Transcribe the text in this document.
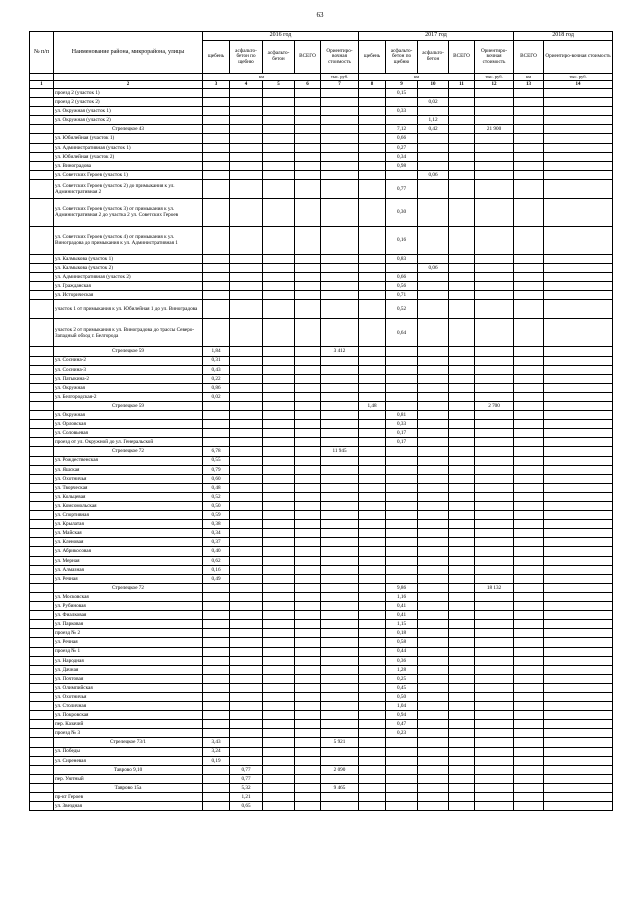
63
№ п/п	Наименование района, микрорайона, улицы	2016 год					2017 год					2018 год	
		щебень	асфальто-бетон по щебню	асфальто-бетон	ВСЕГО	Ориентиро-вочная стоимость	щебень	асфальто-бетон по щебню	асфальто-бетон	ВСЕГО	Ориентиро-вочная стоимость	ВСЕГО	Ориентиро-вочная стоимость
		км				тыс. руб.	км				тыс. руб.	км	тыс. руб.
1	2	3	4	5	6	7	8	9	10	11	12	13	14
	проезд 2 (участок 1)							0,15					
	проезд 2 (участок 2)								0,02				
	ул. Окружная (участок 1)							0,33					
	ул. Окружная (участок 2)								1,12				
	Стрелецкое 43							7,12	0,42		21 900		
	ул. Юбилейная (участок 1)							0,66					
	ул. Административная (участок 1)							0,27					
	ул. Юбилейная (участок 2)							0,34					
	ул. Виноградова							0,98					
	ул. Советских Героев (участок 1)								0,06				
	ул. Советских Героев (участок 2) до примыкания к ул. Административная 2							0,77					
	ул. Советских Героев (участок 3) от примыкания к ул. Административная 2 до участка 2 ул. Советских Героев							0,30					
	ул. Советских Героев (участок 4) от примыкания к ул. Виноградова до примыкания к ул. Административная 1							0,16					
	ул. Калмыкова (участок 1)							0,83					
	ул. Калмыкова (участок 2)								0,06				
	ул. Административная (участок 2)							0,66					
	ул. Гражданская							0,56					
	ул. Историческая							0,71					
	участок 1 от примыкания к ул. Юбилейная 1 до ул. Виноградова							0,52					
	участок 2 от примыкания к ул. Виноградова до трассы Северо-Западный обход г. Белгорода							0,64					
	Стрелецкое 59	1,84				3 412							
	ул. Соснина-2	0,31											
	ул. Соснина-3	0,43											
	ул. Патыкина-2	0,22											
	ул. Окружная	0,86											
	ул. Белгородская-2	0,02											
	Стрелецкое 59						1,48				2 700		
	ул. Окружная							0,81					
	ул. Орловская							0,33					
	ул. Соловьевая							0,17					
	проезд от ул. Окружной до ул. Генеральской							0,17					
	Стрелецкое 72	6,78				11 945							
	ул. Рождественская	0,55											
	ул. Яшская	0,79											
	ул. Охотничья	0,60											
	ул. Творческая	0,48											
	ул. Кольцевая	0,52											
	ул. Комсомольская	0,50											
	ул. Спортивная	0,59											
	ул. Крылатая	0,38											
	ул. Майская	0,34											
	ул. Кленовая	0,37											
	ул. Абрикосовая	0,40											
	ул. Мерная	0,62											
	ул. Алмазная	0,16											
	ул. Речная	0,49											
	Стрелецкое 72							9,86			18 132		
	ул. Московская							1,16					
	ул. Рубиновая							0,41					
	ул. Фиалковая							0,41					
	ул. Парковая							1,15					
	проезд № 2							0,18					
	ул. Речная							0,58					
	проезд № 1							0,44					
	ул. Народная							0,36					
	ул. Дачная							1,28					
	ул. Почтовая							0,25					
	ул. Олимпийская							0,45					
	ул. Охотничья							0,50					
	ул. Столичная							1,04					
	ул. Покровская							0,94					
	пер. Казачий							0,47					
	проезд № 3							0,23					
	Стрелецкое 73/1	3,43				5 921							
	ул. Победы	3,24											
	ул. Сиреневая	0,19											
	Таврово 9,10		0,77			2 090							
	пер. Уютный		0,77										
	Таврово 15а		5,32			9 465							
	пр-кт Героев		1,21										
	ул. Звездная		0,65										
